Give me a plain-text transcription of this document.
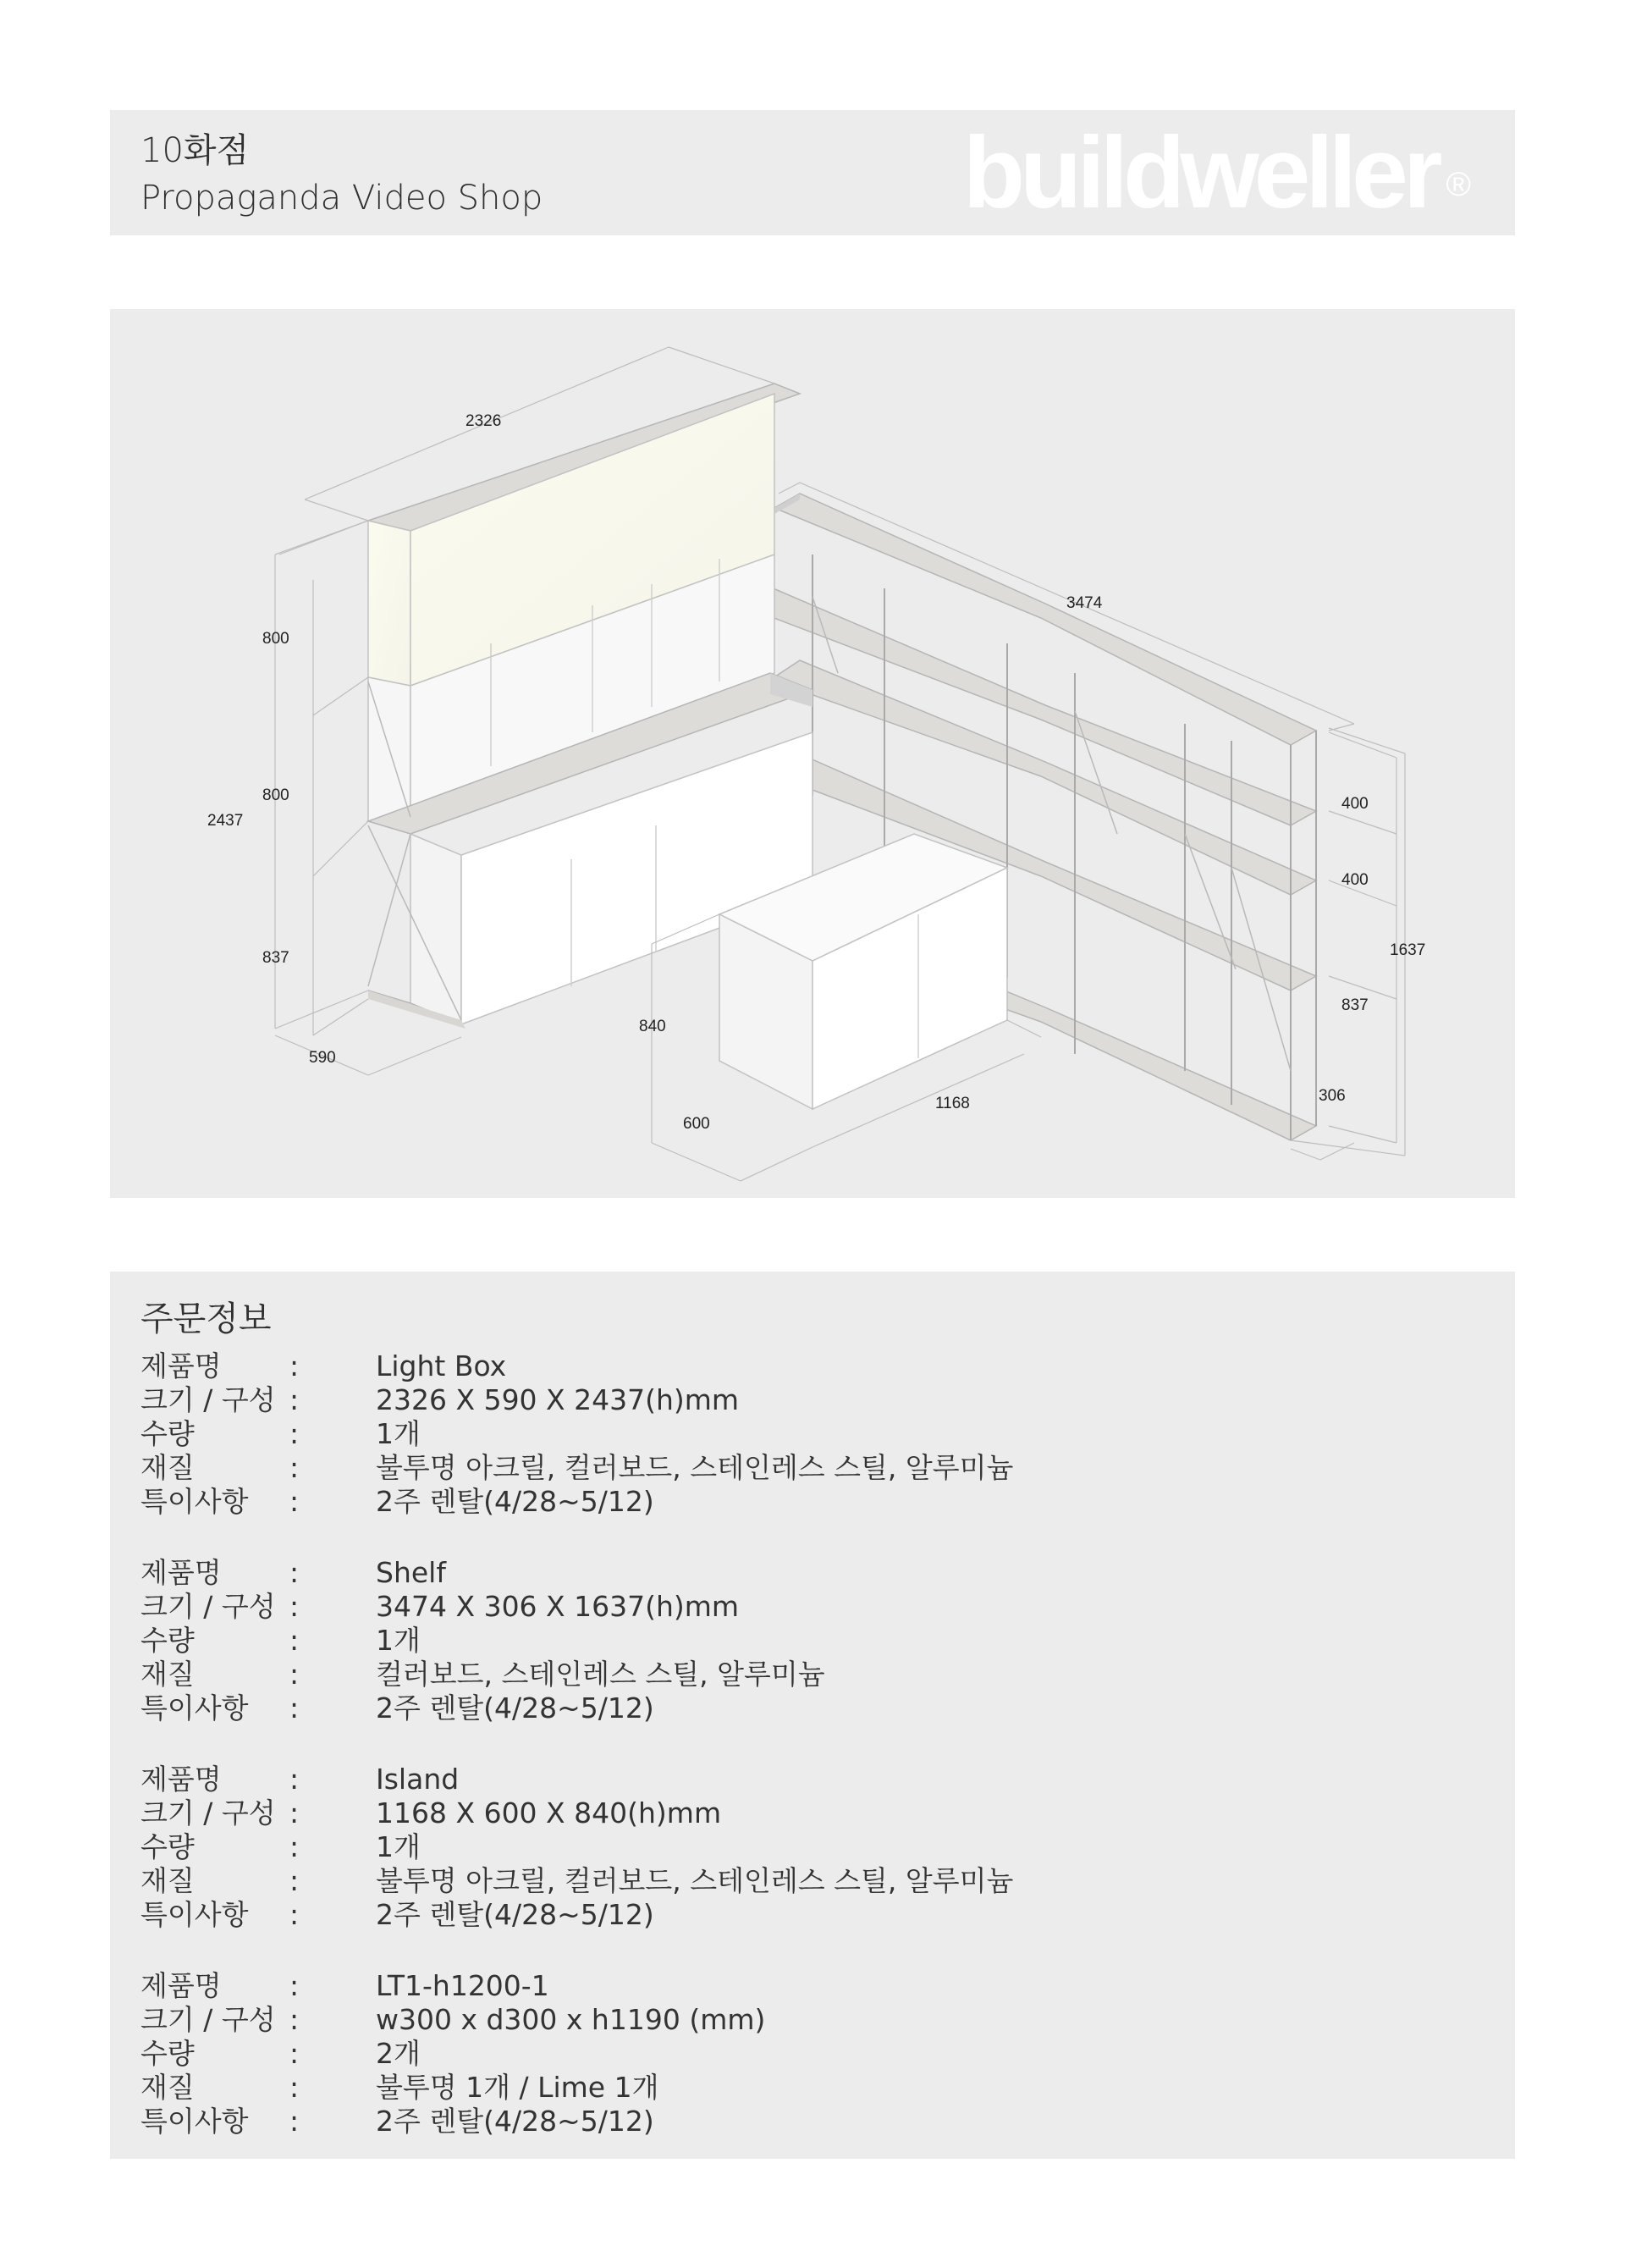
10화점
Propaganda Video Shop	buildweller ®
2326
800
800
2437
837
590
3474
400
400
1637
837
306
840
600
1168
주문정보
제품명	:	Light Box
크기 / 구성 :	2326 X 590 X 2437(h)mm
수량	:	1개
재질	:	불투명 아크릴, 컬러보드, 스테인레스 스틸, 알루미늄
특이사항	:	2주 렌탈(4/28~5/12)
제품명	:	Shelf
크기 / 구성 :	3474 X 306 X 1637(h)mm
수량	:	1개
재질	:	컬러보드, 스테인레스 스틸, 알루미늄
특이사항	:	2주 렌탈(4/28~5/12)
제품명	:	Island
크기 / 구성 :	1168 X 600 X 840(h)mm
수량	:	1개
재질	:	불투명 아크릴, 컬러보드, 스테인레스 스틸, 알루미늄
특이사항	:	2주 렌탈(4/28~5/12)
제품명	:	LT1-h1200-1
크기 / 구성 :	w300 x d300 x h1190 (mm)
수량	:	2개
재질	:	불투명 1개 / Lime 1개
특이사항	:	2주 렌탈(4/28~5/12)
